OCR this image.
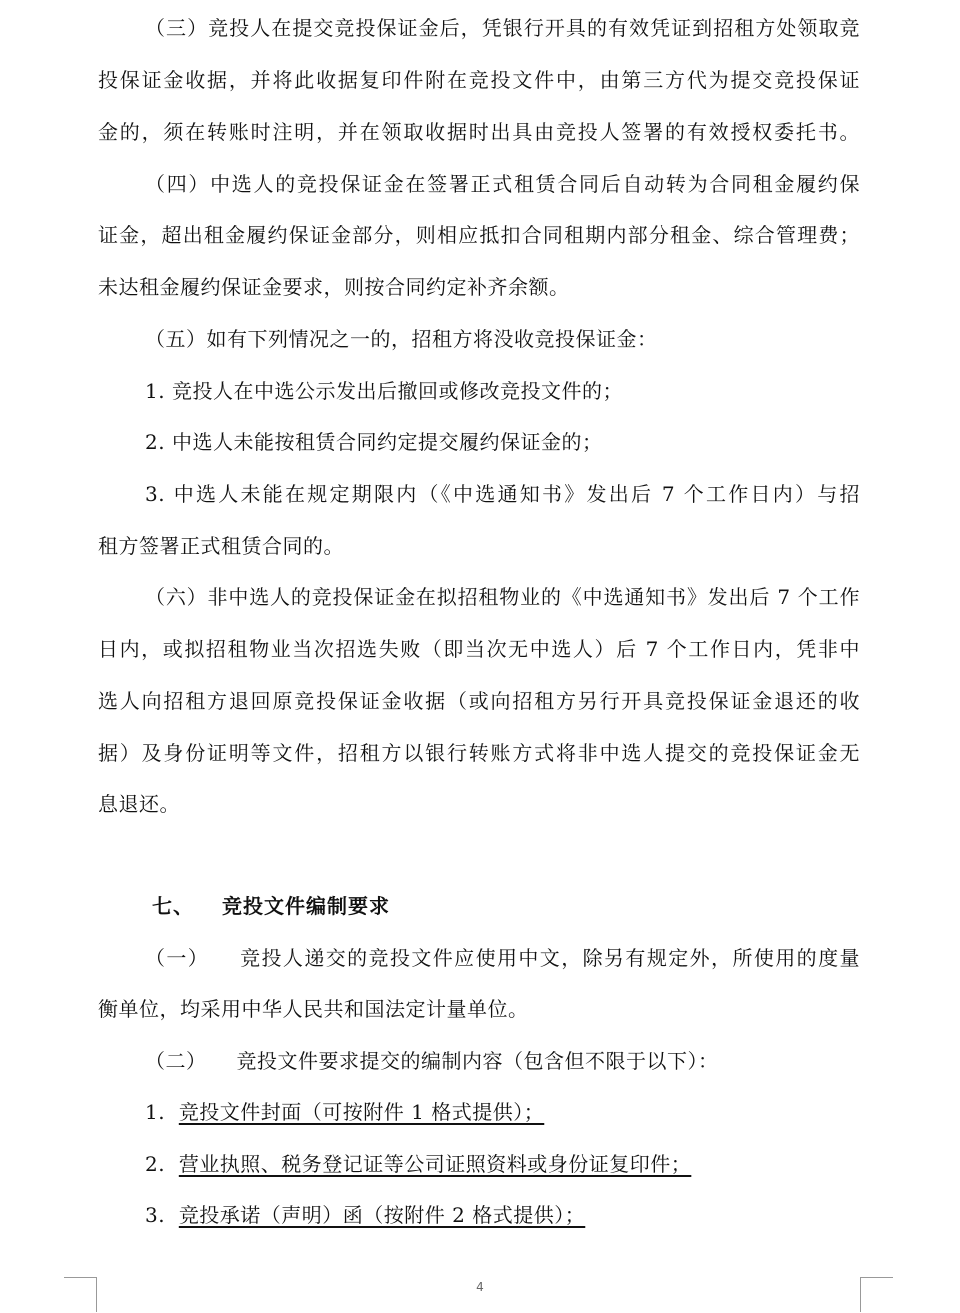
（三）竞投人在提交竞投保证金后，凭银行开具的有效凭证到招租方处领取竞
投保证金收据，并将此收据复印件附在竞投文件中，由第三方代为提交竞投保证
金的，须在转账时注明，并在领取收据时出具由竞投人签署的有效授权委托书。
（四）中选人的竞投保证金在签署正式租赁合同后自动转为合同租金履约保
证金，超出租金履约保证金部分，则相应抵扣合同租期内部分租金、综合管理费；
未达租金履约保证金要求，则按合同约定补齐余额。
（五）如有下列情况之一的，招租方将没收竞投保证金：
1. 竞投人在中选公示发出后撤回或修改竞投文件的；
2. 中选人未能按租赁合同约定提交履约保证金的；
3. 中选人未能在规定期限内（《中选通知书》发出后 7 个工作日内）与招
租方签署正式租赁合同的。
（六）非中选人的竞投保证金在拟招租物业的《中选通知书》发出后 7 个工作
日内，或拟招租物业当次招选失败（即当次无中选人）后 7 个工作日内，凭非中
选人向招租方退回原竞投保证金收据（或向招租方另行开具竞投保证金退还的收
据）及身份证明等文件，招租方以银行转账方式将非中选人提交的竞投保证金无
息退还。
七、 竞投文件编制要求
（一） 竞投人递交的竞投文件应使用中文，除另有规定外，所使用的度量
衡单位，均采用中华人民共和国法定计量单位。
（二） 竞投文件要求提交的编制内容（包含但不限于以下）：
1. 竞投文件封面（可按附件 1 格式提供）；
2. 营业执照、税务登记证等公司证照资料或身份证复印件；
3. 竞投承诺（声明）函（按附件 2 格式提供）；
4
